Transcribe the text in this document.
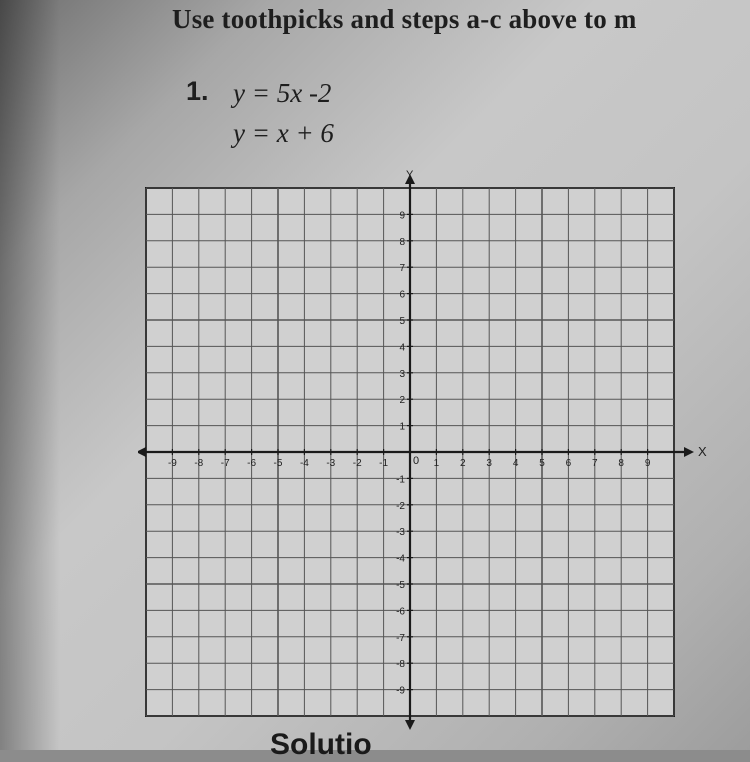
Use toothpicks and steps a-c above to m
1. y = 5x -2
y = x + 6
X
Y
0
-9 -8 -7 -6 -5 -4 -3 -2 -1	1 2 3 4 5 6 7 8 9
9
8
7
6
5
4
3
2
1
-1
-2
-3
-4
-5
-6
-7
-8
-9
Solutio
